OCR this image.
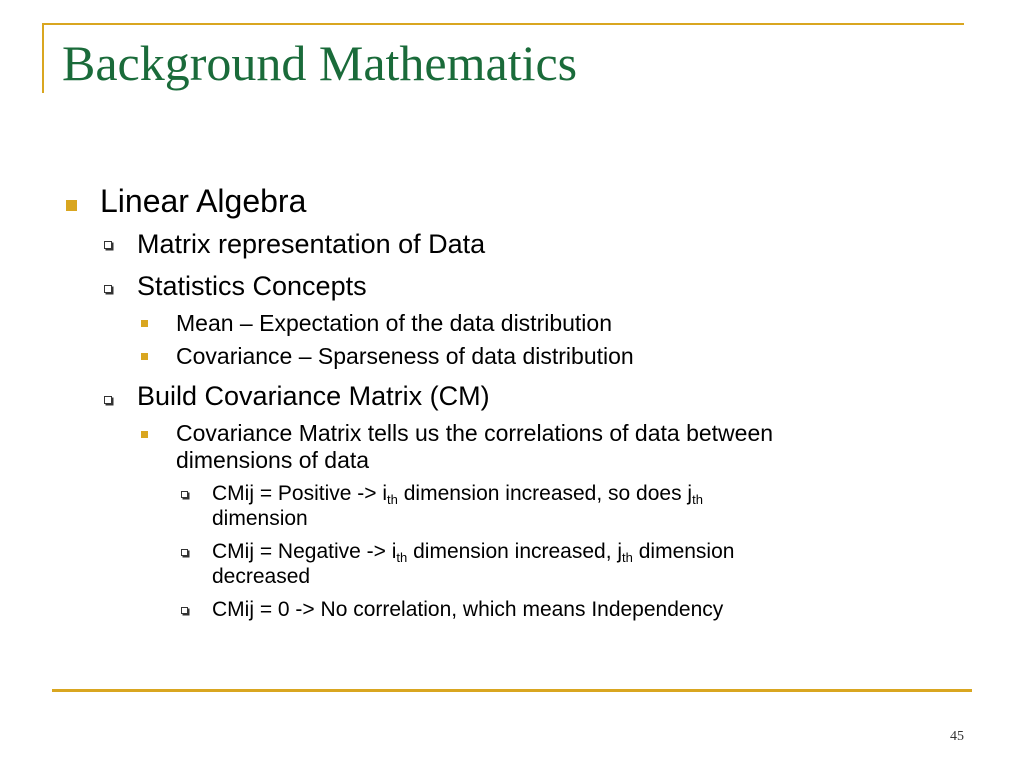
Background Mathematics
Linear Algebra
Matrix representation of Data
Statistics Concepts
Mean – Expectation of the data distribution
Covariance – Sparseness of data distribution
Build Covariance Matrix (CM)
Covariance Matrix tells us the correlations of data between
dimensions of data
CMij = Positive -> $i_{th}$ dimension increased, so does $j_{th}$
dimension
CMij = Negative -> $i_{th}$ dimension increased, $j_{th}$ dimension
decreased
CMij = 0 -> No correlation, which means Independency
45
